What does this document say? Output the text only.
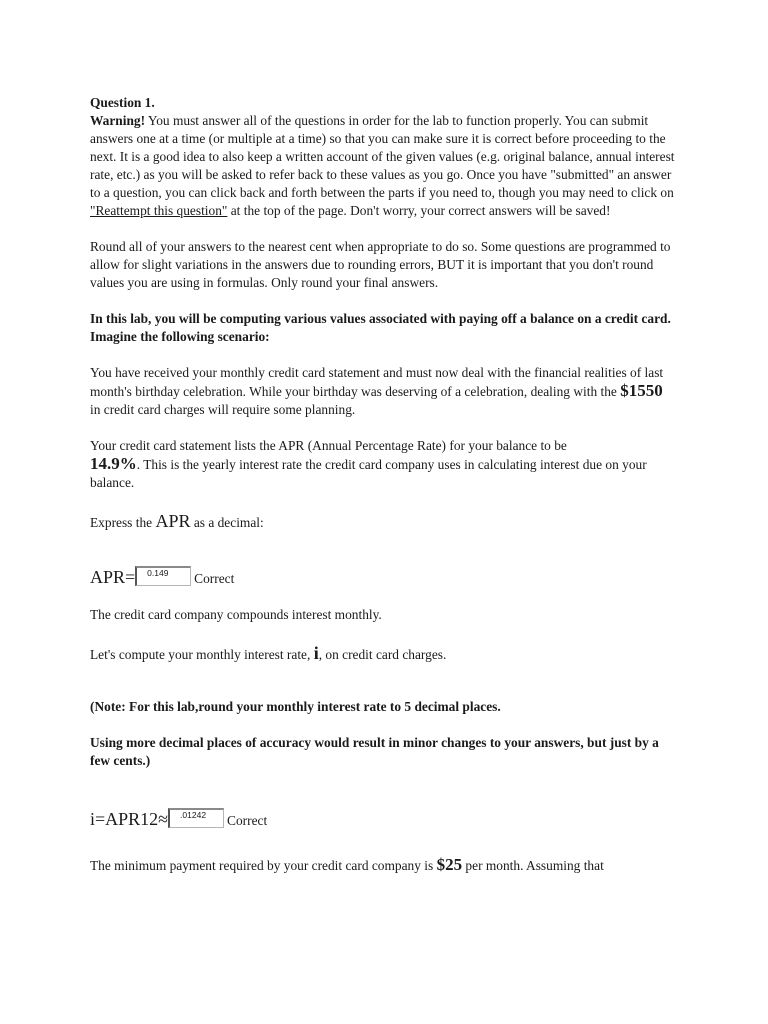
Question 1.
Warning! You must answer all of the questions in order for the lab to function properly. You can submit answers one at a time (or multiple at a time) so that you can make sure it is correct before proceeding to the next. It is a good idea to also keep a written account of the given values (e.g. original balance, annual interest rate, etc.) as you will be asked to refer back to these values as you go. Once you have "submitted" an answer to a question, you can click back and forth between the parts if you need to, though you may need to click on "Reattempt this question" at the top of the page. Don't worry, your correct answers will be saved!

Round all of your answers to the nearest cent when appropriate to do so. Some questions are programmed to allow for slight variations in the answers due to rounding errors, BUT it is important that you don't round values you are using in formulas. Only round your final answers.

In this lab, you will be computing various values associated with paying off a balance on a credit card. Imagine the following scenario:

You have received your monthly credit card statement and must now deal with the financial realities of last month's birthday celebration. While your birthday was deserving of a celebration, dealing with the $1550
in credit card charges will require some planning.

Your credit card statement lists the APR (Annual Percentage Rate) for your balance to be
14.9%. This is the yearly interest rate the credit card company uses in calculating interest due on your balance.

Express the APR as a decimal:

APR=	0.149	Correct

The credit card company compounds interest monthly.

Let's compute your monthly interest rate, i, on credit card charges.

(Note: For this lab,round your monthly interest rate to 5 decimal places.

Using more decimal places of accuracy would result in minor changes to your answers, but just by a few cents.)

i=APR12≈	.01242	Correct

The minimum payment required by your credit card company is $25 per month. Assuming that
